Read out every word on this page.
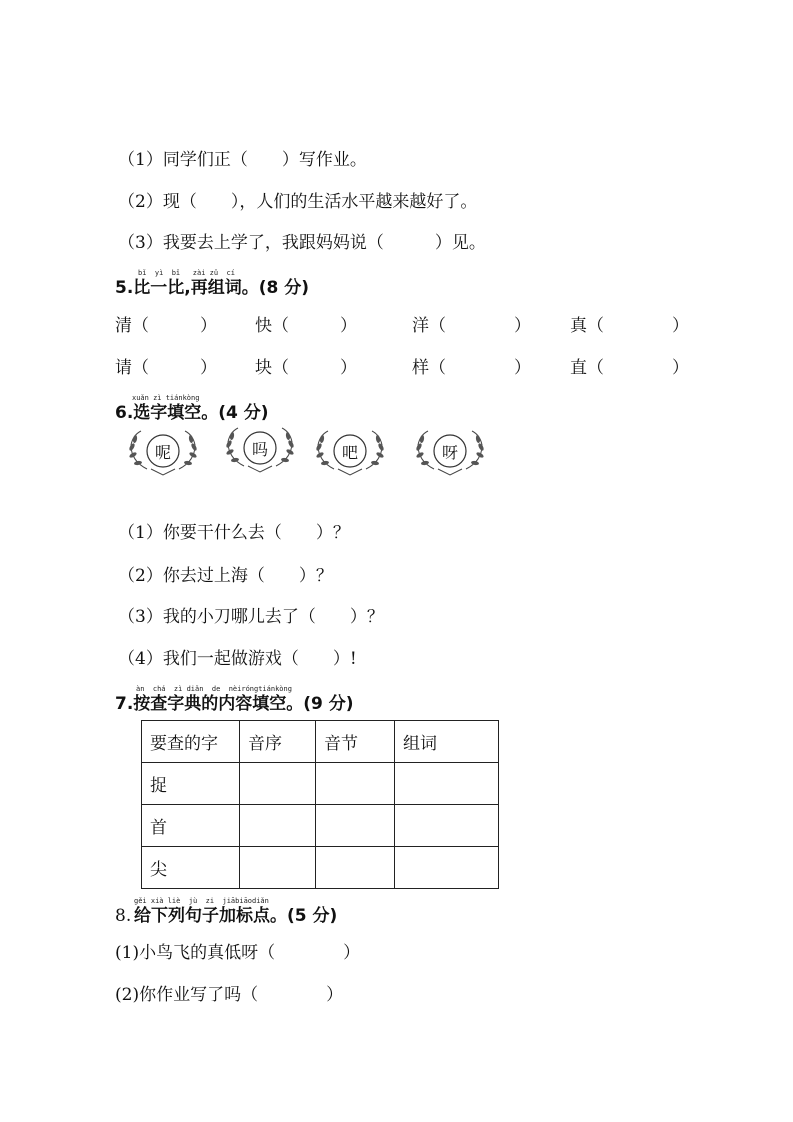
（1）同学们正（　　）写作业。
（2）现（　　），人们的生活水平越来越好了。
（3）我要去上学了，我跟妈妈说（　　　）见。
bǐ  yì  bǐ   zài zǔ  cí
5.比一比,再组词。(8 分)
清（　　　） 快（　　　）	洋（　　　　） 真（　　　　）
请（　　　） 块（　　　）	样（　　　　） 直（　　　　）
xuǎn zì tiánkòng
6.选字填空。(4 分)
呢	吗	吧	呀
（1）你要干什么去（　　）？
（2）你去过上海（　　）？
（3）我的小刀哪儿去了（　　）？
（4）我们一起做游戏（　　）!
àn  chá  zì diǎn  de  nèiróngtiánkòng
7.按查字典的内容填空。(9 分)
要查的字	音序	音节	组词
捉			
首			
尖			
gěi xià liè  jù  zi  jiābiāodiǎn
8. 给下列句子加标点。(5 分)
(1)小鸟飞的真低呀（　　　　）
(2)你作业写了吗（　　　　）
